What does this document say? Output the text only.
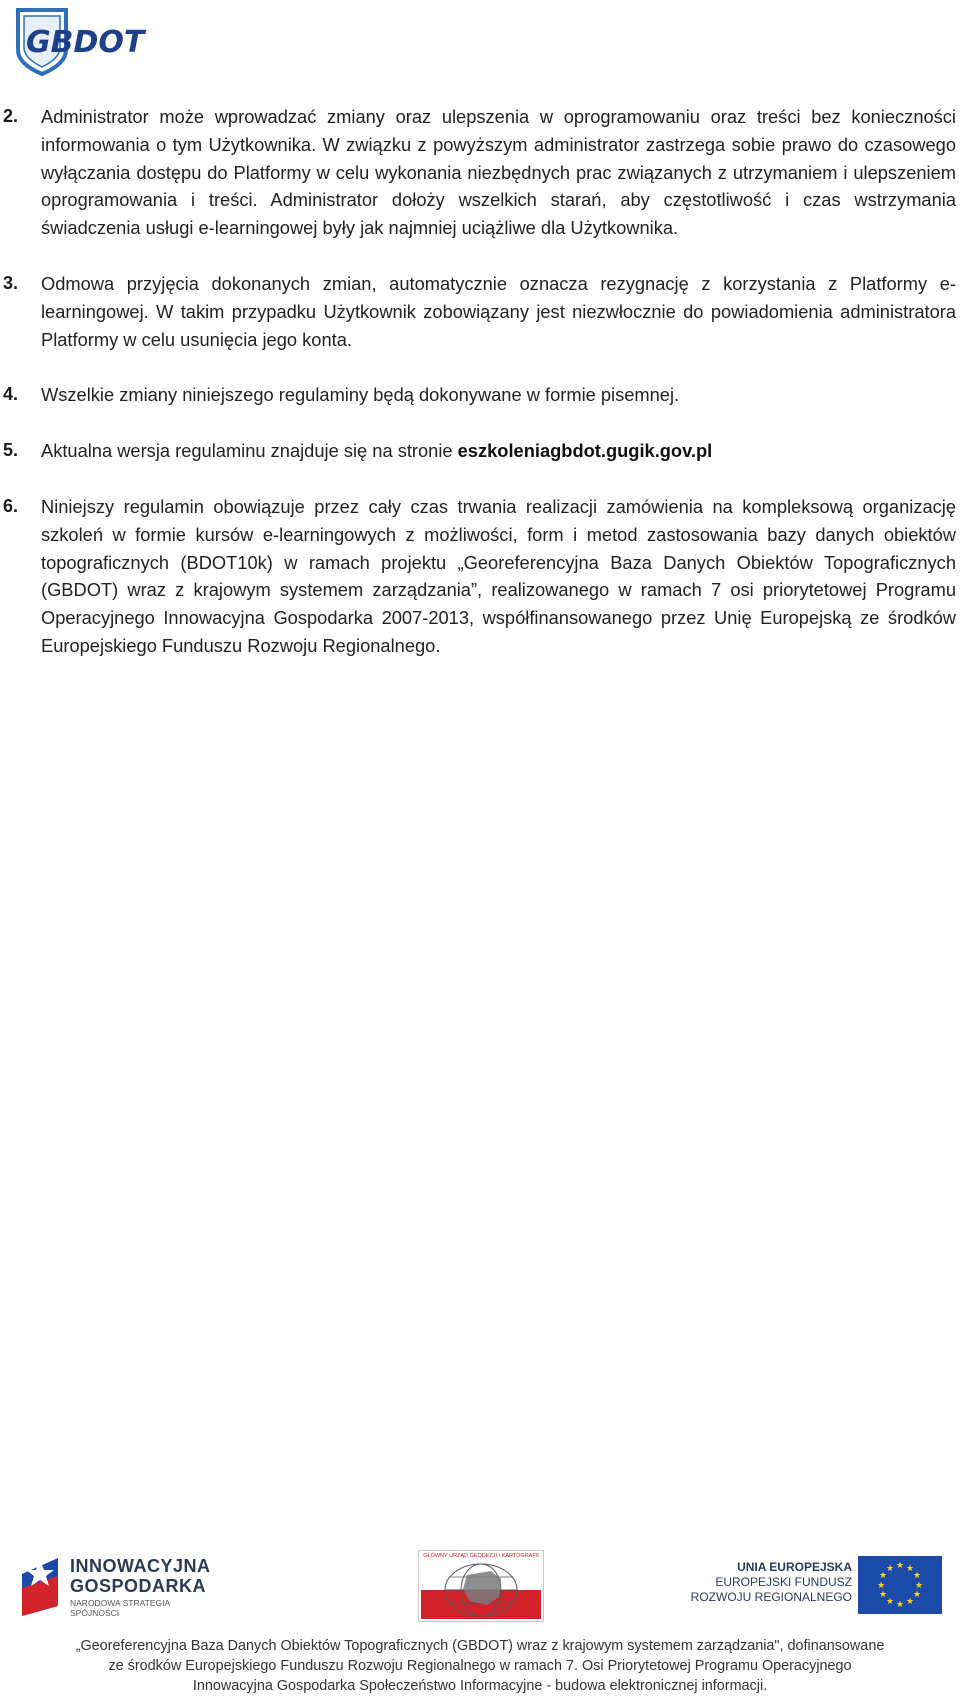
GBDOT
2. Administrator może wprowadzać zmiany oraz ulepszenia w oprogramowaniu oraz treści bez konieczności informowania o tym Użytkownika. W związku z powyższym administrator zastrzega sobie prawo do czasowego wyłączania dostępu do Platformy w celu wykonania niezbędnych prac związanych z utrzymaniem i ulepszeniem oprogramowania i treści. Administrator dołoży wszelkich starań, aby częstotliwość i czas wstrzymania świadczenia usługi e-learningowej były jak najmniej uciążliwe dla Użytkownika.
3. Odmowa przyjęcia dokonanych zmian, automatycznie oznacza rezygnację z korzystania z Platformy e-learningowej. W takim przypadku Użytkownik zobowiązany jest niezwłocznie do powiadomienia administratora Platformy w celu usunięcia jego konta.
4. Wszelkie zmiany niniejszego regulaminy będą dokonywane w formie pisemnej.
5. Aktualna wersja regulaminu znajduje się na stronie eszkoleniagbdot.gugik.gov.pl
6. Niniejszy regulamin obowiązuje przez cały czas trwania realizacji zamówienia na kompleksową organizację szkoleń w formie kursów e-learningowych z możliwości, form i metod zastosowania bazy danych obiektów topograficznych (BDOT10k) w ramach projektu „Georeferencyjna Baza Danych Obiektów Topograficznych (GBDOT) wraz z krajowym systemem zarządzania”, realizowanego w ramach 7 osi priorytetowej Programu Operacyjnego Innowacyjna Gospodarka 2007-2013, współfinansowanego przez Unię Europejską ze środków Europejskiego Funduszu Rozwoju Regionalnego.
INNOWACYJNA
GOSPODARKA
NARODOWA STRATEGIA SPÓJNOŚCI
GŁÓWNY URZĄD GEODEZJI I KARTOGRAFII
UNIA EUROPEJSKA
EUROPEJSKI FUNDUSZ
ROZWOJU REGIONALNEGO
★ ★
★
★
★
★
★
★
★
★
★
★
„Georeferencyjna Baza Danych Obiektów Topograficznych (GBDOT) wraz z krajowym systemem zarządzania", dofinansowane
ze środków Europejskiego Funduszu Rozwoju Regionalnego w ramach 7. Osi Priorytetowej Programu Operacyjnego
Innowacyjna Gospodarka Społeczeństwo Informacyjne - budowa elektronicznej informacji.
